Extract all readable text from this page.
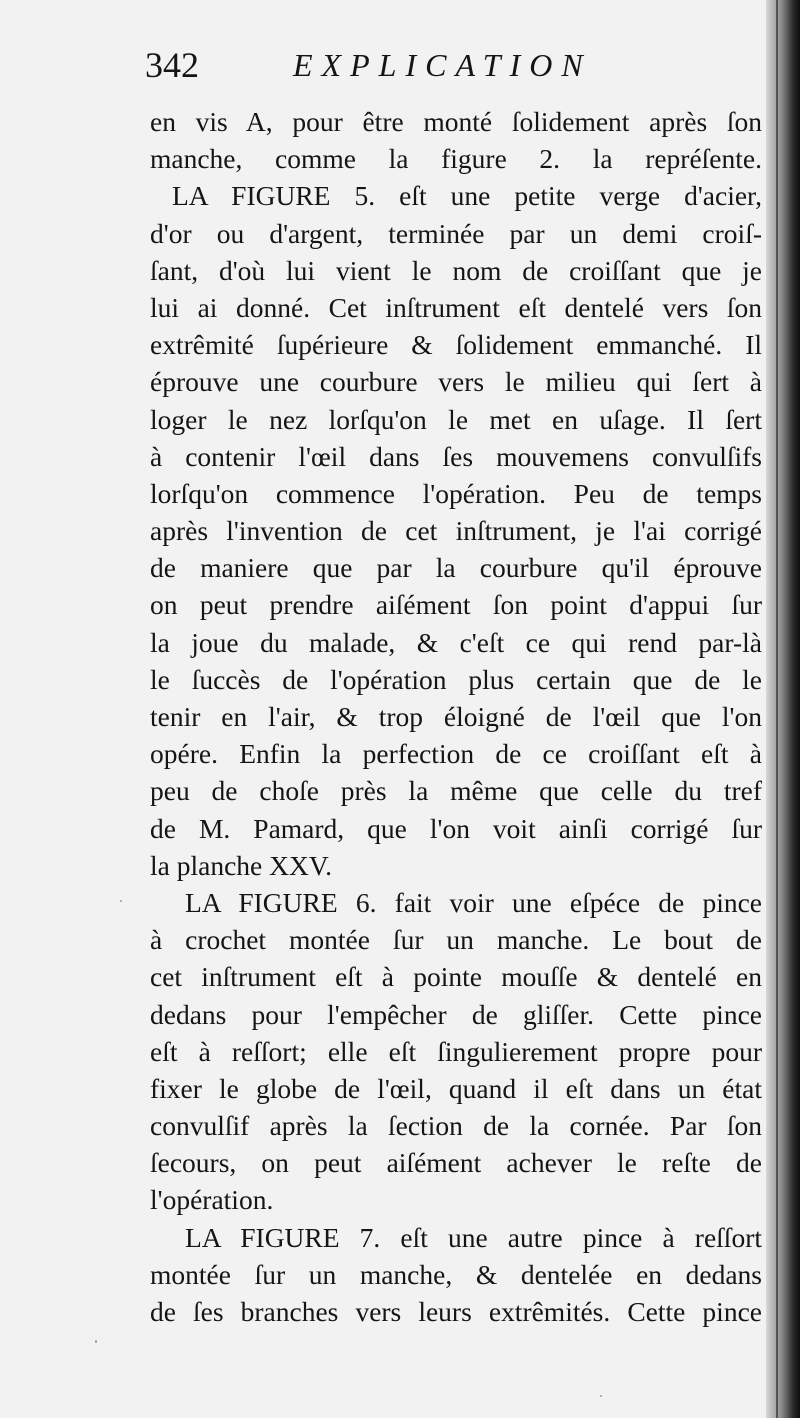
342	EXPLICATION
en vis A, pour être monté ſolidement après ſon
manche, comme la figure 2. la repréſente.
LA FIGURE 5. eſt une petite verge d'acier,
d'or ou d'argent, terminée par un demi croiſ-
ſant, d'où lui vient le nom de croiſſant que je
lui ai donné. Cet inſtrument eſt dentelé vers ſon
extrêmité ſupérieure & ſolidement emmanché. Il
éprouve une courbure vers le milieu qui ſert à
loger le nez lorſqu'on le met en uſage. Il ſert
à contenir l'œil dans ſes mouvemens convulſifs
lorſqu'on commence l'opération. Peu de temps
après l'invention de cet inſtrument, je l'ai corrigé
de maniere que par la courbure qu'il éprouve
on peut prendre aiſément ſon point d'appui ſur
la joue du malade, & c'eſt ce qui rend par-là
le ſuccès de l'opération plus certain que de le
tenir en l'air, & trop éloigné de l'œil que l'on
opére. Enfin la perfection de ce croiſſant eſt à
peu de choſe près la même que celle du tref
de M. Pamard, que l'on voit ainſi corrigé ſur
la planche XXV.
LA FIGURE 6. fait voir une eſpéce de pince
à crochet montée ſur un manche. Le bout de
cet inſtrument eſt à pointe mouſſe & dentelé en
dedans pour l'empêcher de gliſſer. Cette pince
eſt à reſſort; elle eſt ſingulierement propre pour
fixer le globe de l'œil, quand il eſt dans un état
convulſif après la ſection de la cornée. Par ſon
ſecours, on peut aiſément achever le reſte de
l'opération.
LA FIGURE 7. eſt une autre pince à reſſort
montée ſur un manche, & dentelée en dedans
de ſes branches vers leurs extrêmités. Cette pince
